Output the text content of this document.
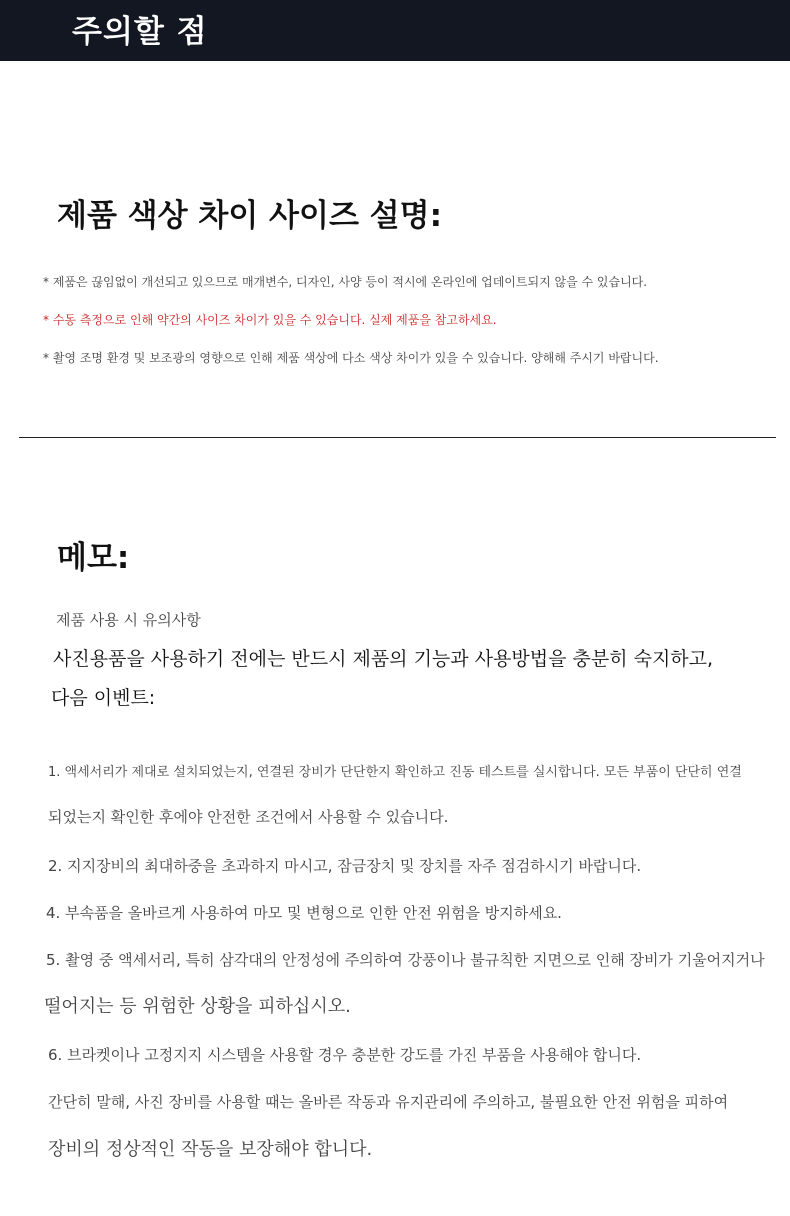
주의할 점
제품 색상 차이 사이즈 설명:
* 제품은 끊임없이 개선되고 있으므로 매개변수, 디자인, 사양 등이 적시에 온라인에 업데이트되지 않을 수 있습니다.
* 수동 측정으로 인해 약간의 사이즈 차이가 있을 수 있습니다. 실제 제품을 참고하세요.
* 촬영 조명 환경 및 보조광의 영향으로 인해 제품 색상에 다소 색상 차이가 있을 수 있습니다. 양해해 주시기 바랍니다.
메모:
제품 사용 시 유의사항
사진용품을 사용하기 전에는 반드시 제품의 기능과 사용방법을 충분히 숙지하고,
다음 이벤트:
1. 액세서리가 제대로 설치되었는지, 연결된 장비가 단단한지 확인하고 진동 테스트를 실시합니다. 모든 부품이 단단히 연결
되었는지 확인한 후에야 안전한 조건에서 사용할 수 있습니다.
2. 지지장비의 최대하중을 초과하지 마시고, 잠금장치 및 장치를 자주 점검하시기 바랍니다.
4. 부속품을 올바르게 사용하여 마모 및 변형으로 인한 안전 위험을 방지하세요.
5. 촬영 중 액세서리, 특히 삼각대의 안정성에 주의하여 강풍이나 불규칙한 지면으로 인해 장비가 기울어지거나
떨어지는 등 위험한 상황을 피하십시오.
6. 브라켓이나 고정지지 시스템을 사용할 경우 충분한 강도를 가진 부품을 사용해야 합니다.
간단히 말해, 사진 장비를 사용할 때는 올바른 작동과 유지관리에 주의하고, 불필요한 안전 위험을 피하여
장비의 정상적인 작동을 보장해야 합니다.
